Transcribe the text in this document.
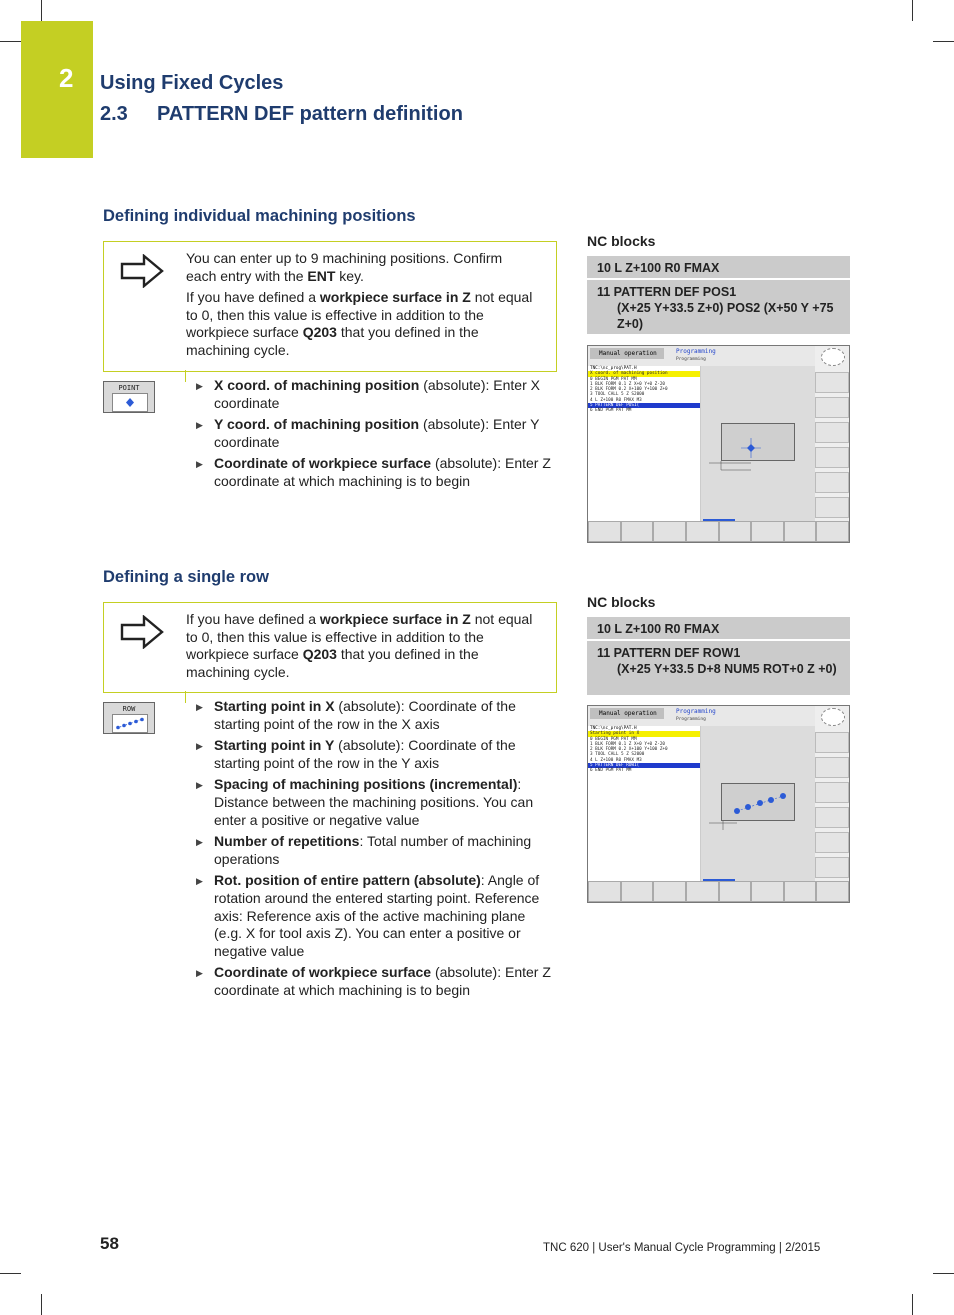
2 Using Fixed Cycles
2.3 PATTERN DEF pattern definition
Defining individual machining positions

You can enter up to 9 machining positions. Confirm each entry with the ENT key.

If you have defined a workpiece surface in Z not equal to 0, then this value is effective in addition to the workpiece surface Q203 that you defined in the machining cycle.

POINT	▶ X coord. of machining position (absolute): Enter X coordinate
▶ Y coord. of machining position (absolute): Enter Y coordinate
▶ Coordinate of workpiece surface (absolute): Enter Z coordinate at which machining is to begin
NC blocks
10 L Z+100 R0 FMAX
11 PATTERN DEF POS1
(X+25 Y+33.5 Z+0) POS2 (X+50 Y +75 Z+0)
Manual operation	Programming
Programming
TNC:\nc_prog\PAT.H
X coord. of machining position
0 BEGIN PGM PAT MM
1 BLK FORM 0.1 Z X+0 Y+0 Z-20
2 BLK FORM 0.2 X+100 Y+100 Z+0
3 TOOL CALL 5 Z S2000
4 L Z+100 R0 FMAX M3
5 PATTERN DEF POS1(
6 END PGM PAT MM
Defining a single row

If you have defined a workpiece surface in Z not equal to 0, then this value is effective in addition to the workpiece surface Q203 that you defined in the machining cycle.

ROW	▶ Starting point in X (absolute): Coordinate of the starting point of the row in the X axis
▶ Starting point in Y (absolute): Coordinate of the starting point of the row in the Y axis
▶ Spacing of machining positions (incremental): Distance between the machining positions. You can enter a positive or negative value
▶ Number of repetitions: Total number of machining operations
▶ Rot. position of entire pattern (absolute): Angle of rotation around the entered starting point. Reference axis: Reference axis of the active machining plane (e.g. X for tool axis Z). You can enter a positive or negative value
▶ Coordinate of workpiece surface (absolute): Enter Z coordinate at which machining is to begin
NC blocks
10 L Z+100 R0 FMAX
11 PATTERN DEF ROW1
(X+25 Y+33.5 D+8 NUM5 ROT+0 Z +0)
Manual operation	Programming
Programming
TNC:\nc_prog\PAT.H
Starting point in X
0 BEGIN PGM PAT MM
1 BLK FORM 0.1 Z X+0 Y+0 Z-20
2 BLK FORM 0.2 X+100 Y+100 Z+0
3 TOOL CALL 5 Z S2000
4 L Z+100 R0 FMAX M3
5 PATTERN DEF ROW1(
6 END PGM PAT MM
58	TNC 620 | User's Manual Cycle Programming | 2/2015
